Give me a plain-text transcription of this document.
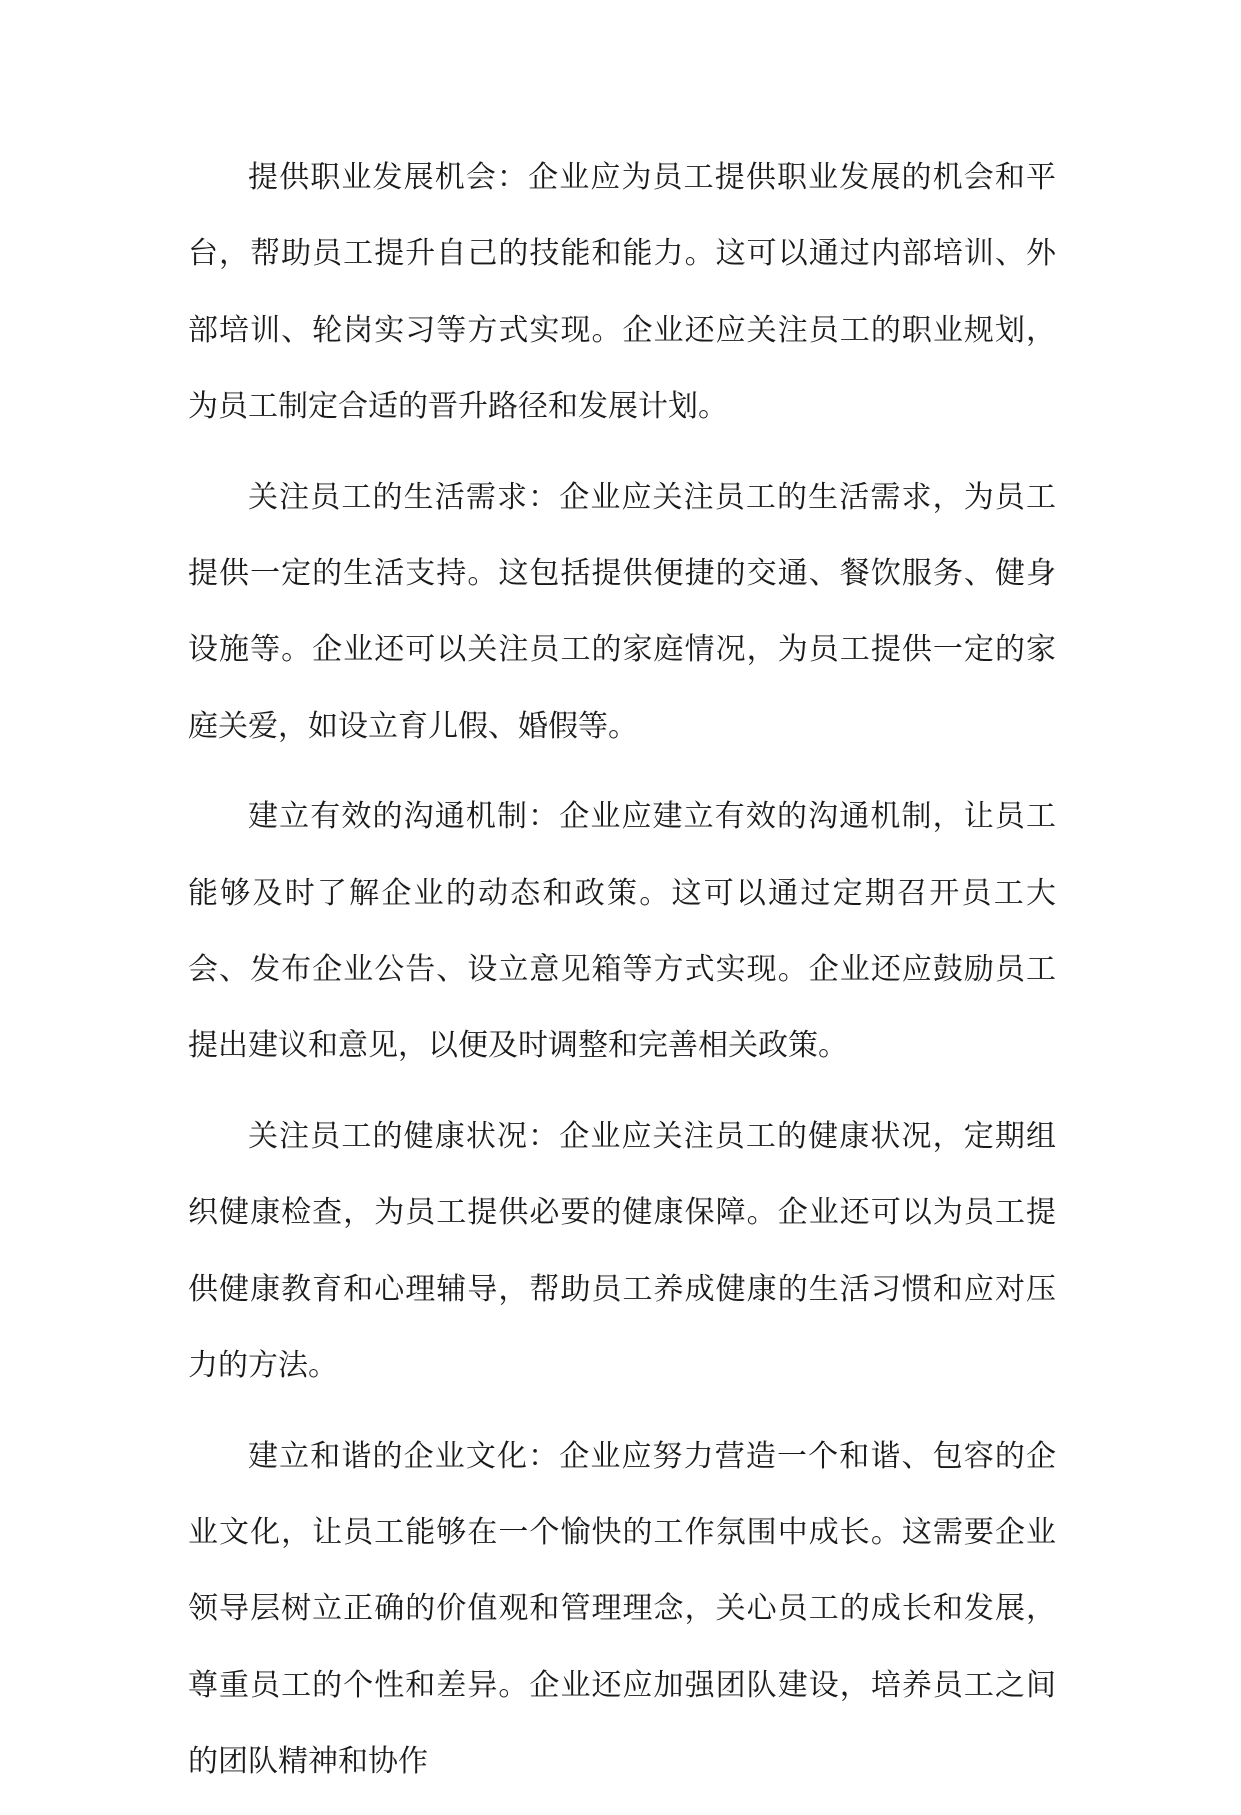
提供职业发展机会：企业应为员工提供职业发展的机会和平台，帮助员工提升自己的技能和能力。这可以通过内部培训、外部培训、轮岗实习等方式实现。企业还应关注员工的职业规划，为员工制定合适的晋升路径和发展计划。

关注员工的生活需求：企业应关注员工的生活需求，为员工提供一定的生活支持。这包括提供便捷的交通、餐饮服务、健身设施等。企业还可以关注员工的家庭情况，为员工提供一定的家庭关爱，如设立育儿假、婚假等。

建立有效的沟通机制：企业应建立有效的沟通机制，让员工能够及时了解企业的动态和政策。这可以通过定期召开员工大会、发布企业公告、设立意见箱等方式实现。企业还应鼓励员工提出建议和意见，以便及时调整和完善相关政策。

关注员工的健康状况：企业应关注员工的健康状况，定期组织健康检查，为员工提供必要的健康保障。企业还可以为员工提供健康教育和心理辅导，帮助员工养成健康的生活习惯和应对压力的方法。

建立和谐的企业文化：企业应努力营造一个和谐、包容的企业文化，让员工能够在一个愉快的工作氛围中成长。这需要企业领导层树立正确的价值观和管理理念，关心员工的成长和发展，尊重员工的个性和差异。企业还应加强团队建设，培养员工之间的团队精神和协作
